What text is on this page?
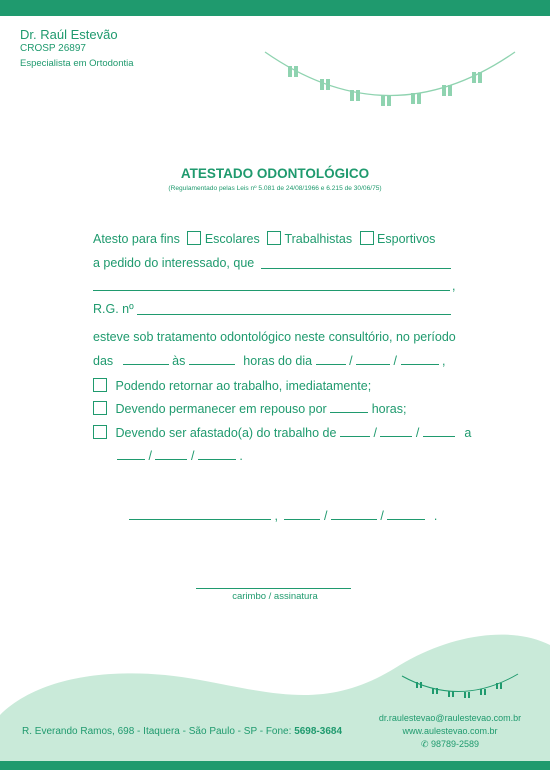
Dr. Raúl Estevão
CROSP 26897
Especialista em Ortodontia
ATESTADO ODONTOLÓGICO
(Regulamentado pelas Leis nº 5.081 de 24/08/1966 e 6.215 de 30/06/75)
Atesto para fins Escolares Trabalhistas Esportivos
a pedido do interessado, que
,
R.G. nº
esteve sob tratamento odontológico neste consultório, no período
das	às	horas do dia	/	/	,
Podendo retornar ao trabalho, imediatamente;
Devendo permanecer em repouso por	horas;
Devendo ser afastado(a) do trabalho de	/	/	a
/	/	.
,	/	/	.
carimbo / assinatura
R. Everando Ramos, 698 - Itaquera - São Paulo - SP - Fone: 5698-3684
dr.raulestevao@raulestevao.com.br
www.aulestevao.com.br
✆ 98789-2589
